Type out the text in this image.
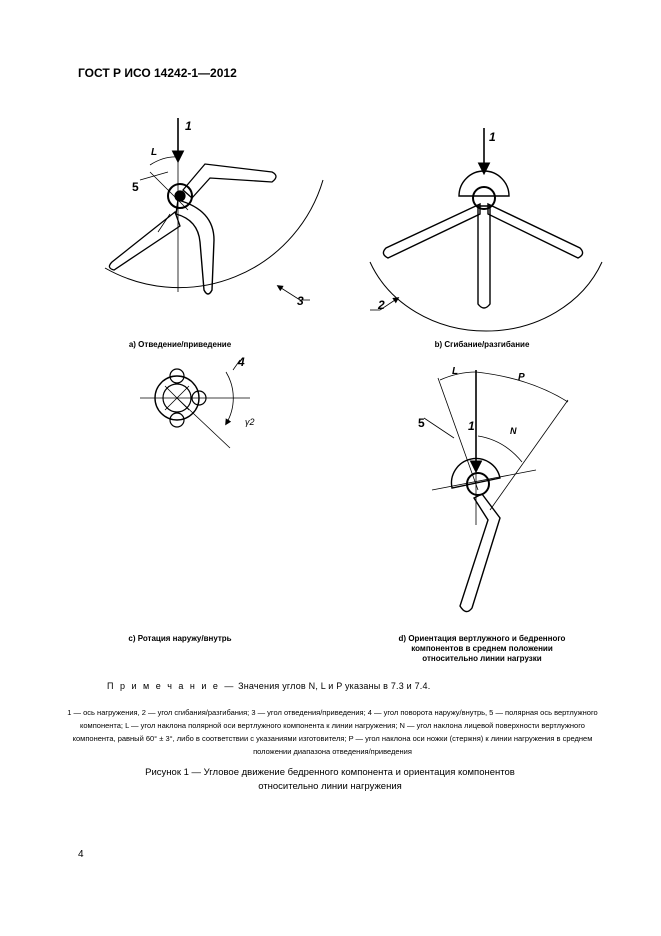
ГОСТ Р ИСО 14242-1—2012
1
L
5
3
1
2
4
γ2
L
P
5	1	N
а) Отведение/приведение	b) Сгибание/разгибание
c) Ротация наружу/внутрь	d) Ориентация вертлужного и бедренного компонентов в среднем положении относительно линии нагрузки
П р и м е ч а н и е — Значения углов N, L и P указаны в 7.3 и 7.4.
1 — ось нагружения, 2 — угол сгибания/разгибания; 3 — угол отведения/приведения; 4 — угол поворота наружу/внутрь, 5 — полярная ось вертлужного компонента; L — угол наклона полярной оси вертлужного компонента к линии нагружения; N — угол наклона лицевой поверхности вертлужного компонента, равный 60° ± 3°, либо в соответствии с указаниями изготовителя; P — угол наклона оси ножки (стержня) к линии нагружения в среднем положении диапазона отведения/приведения
Рисунок 1 — Угловое движение бедренного компонента и ориентация компонентов
относительно линии нагружения
4
